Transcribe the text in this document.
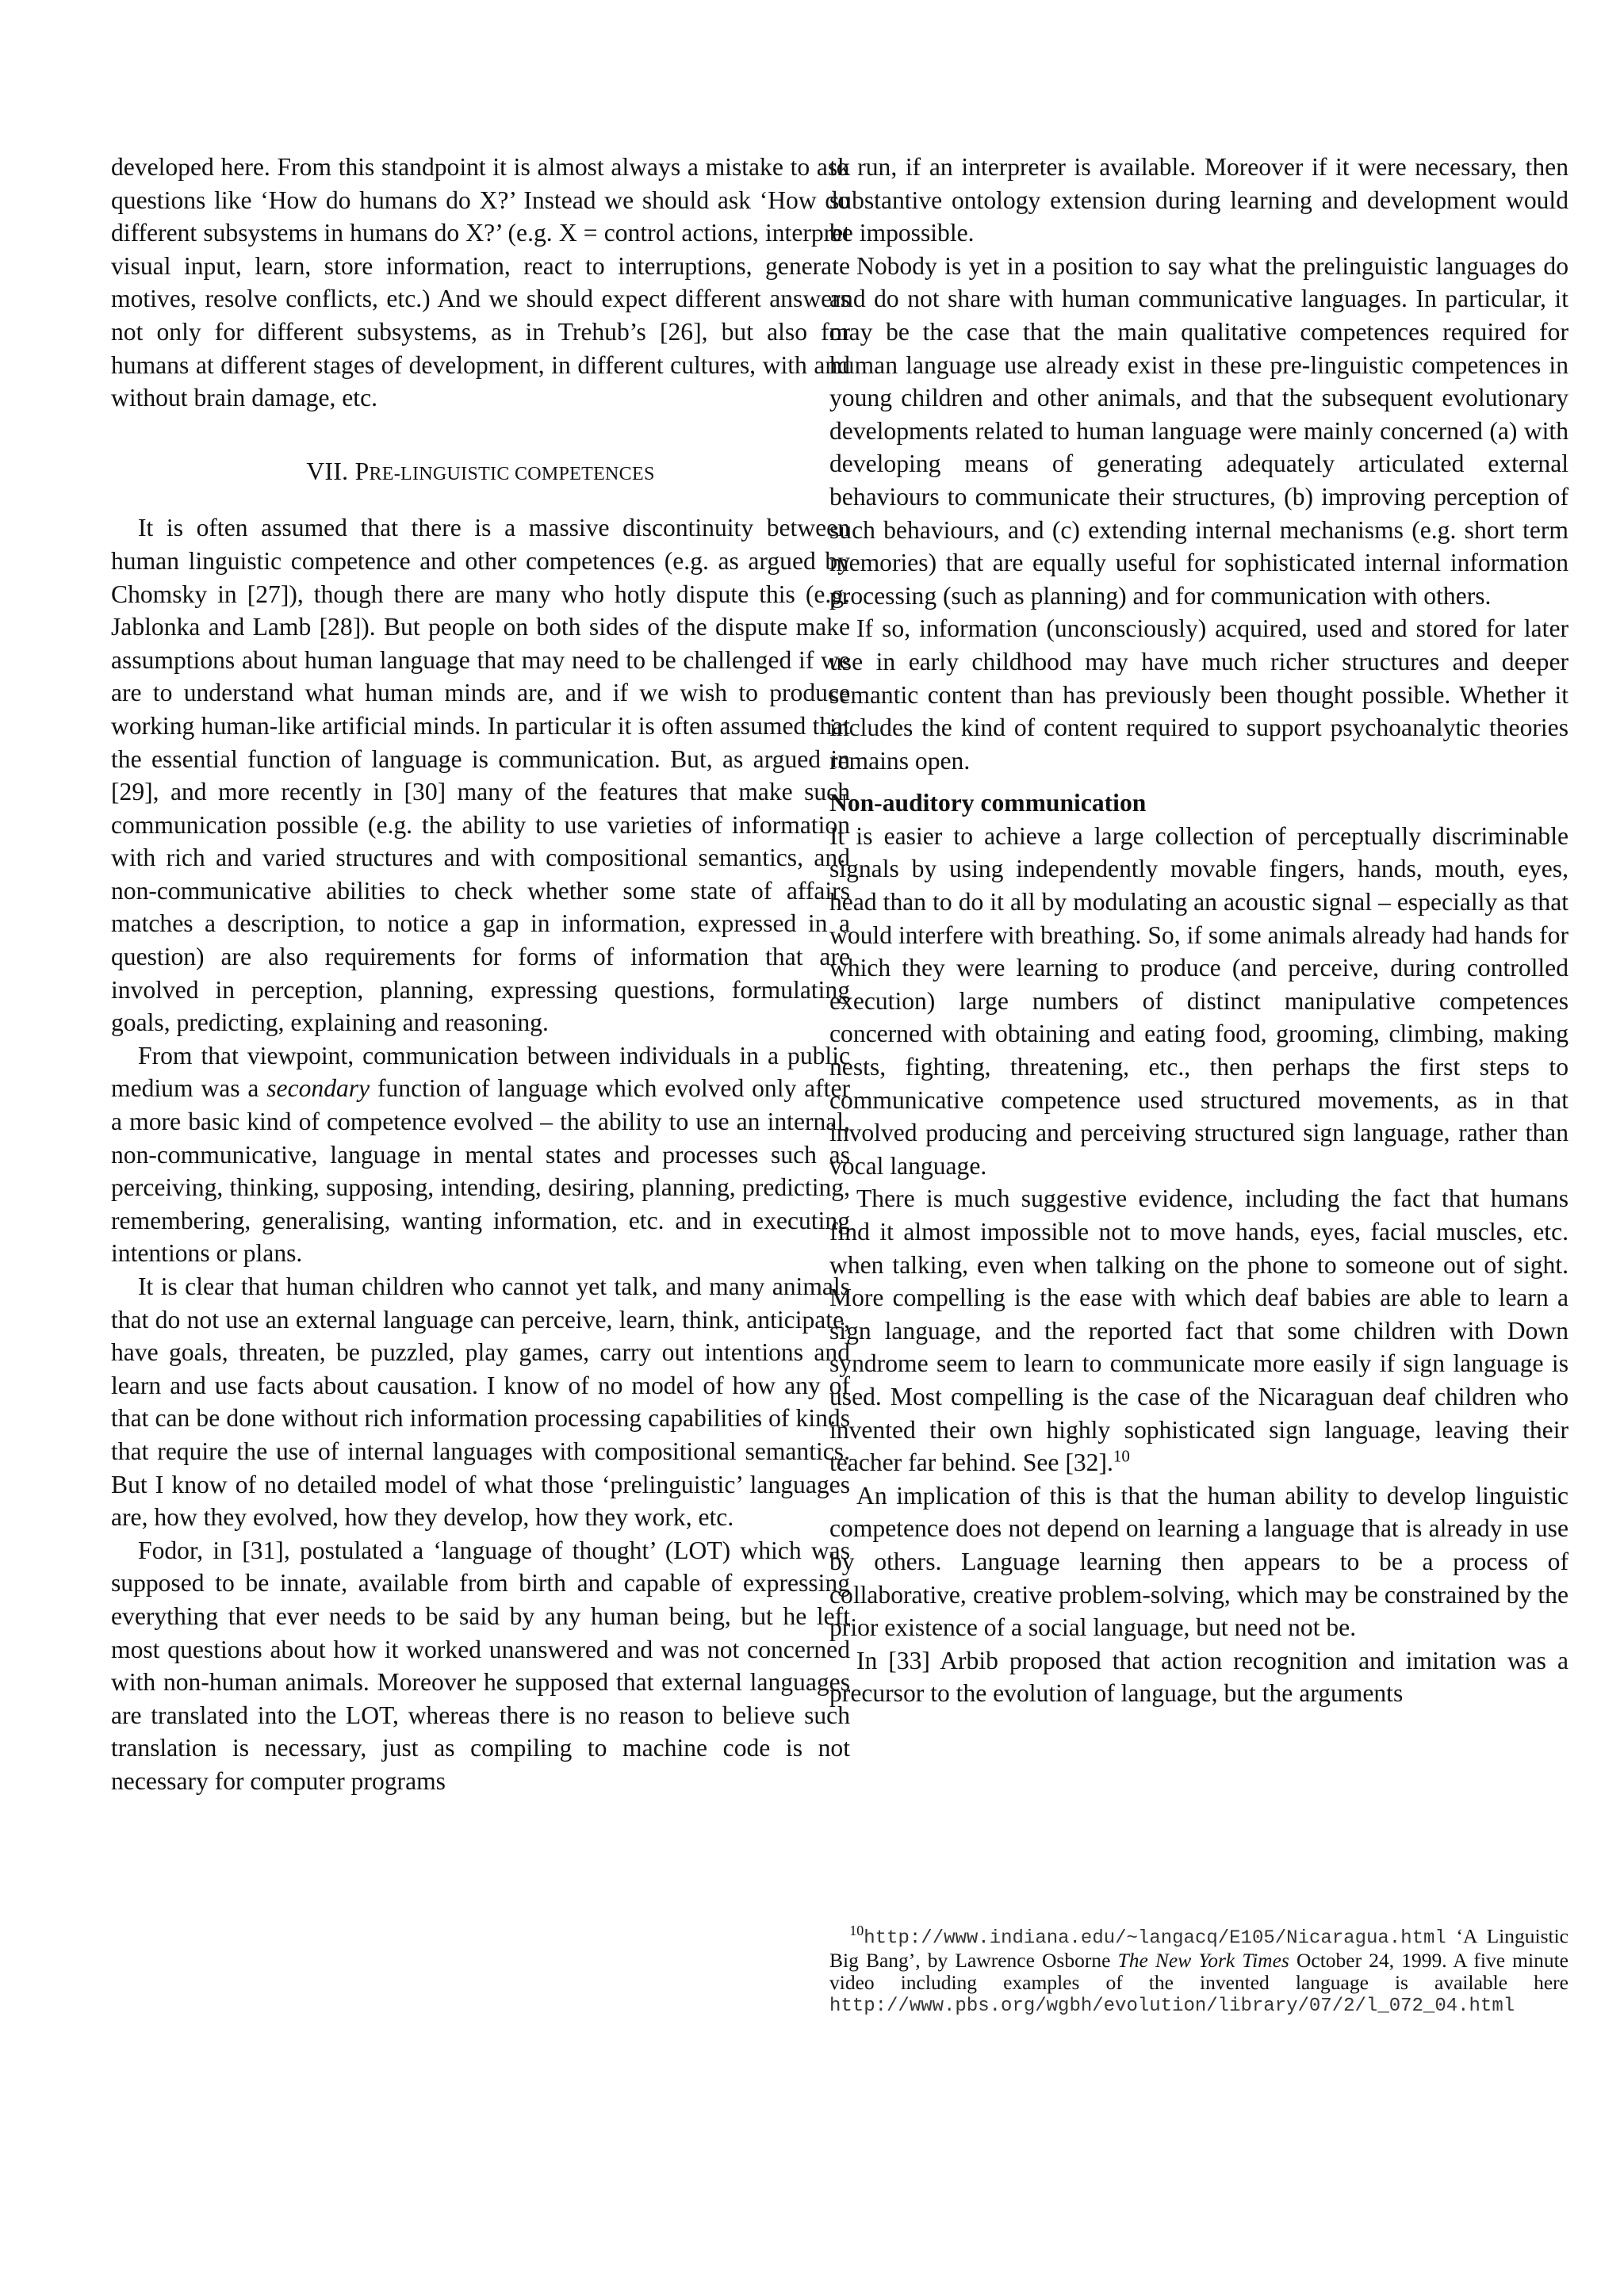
developed here. From this standpoint it is almost always a mistake to ask questions like ‘How do humans do X?’ Instead we should ask ‘How do different subsystems in humans do X?’ (e.g. X = control actions, interpret visual input, learn, store information, react to interruptions, generate motives, resolve conflicts, etc.) And we should expect different answers not only for different subsystems, as in Trehub’s [26], but also for humans at different stages of development, in different cultures, with and without brain damage, etc.

VII. PRE-LINGUISTIC COMPETENCES

It is often assumed that there is a massive discontinuity between human linguistic competence and other competences (e.g. as argued by Chomsky in [27]), though there are many who hotly dispute this (e.g. Jablonka and Lamb [28]). But people on both sides of the dispute make assumptions about human language that may need to be challenged if we are to understand what human minds are, and if we wish to produce working human-like artificial minds. In particular it is often assumed that the essential function of language is communication. But, as argued in [29], and more recently in [30] many of the features that make such communication possible (e.g. the ability to use varieties of information with rich and varied structures and with compositional semantics, and non-communicative abilities to check whether some state of affairs matches a description, to notice a gap in information, expressed in a question) are also requirements for forms of information that are involved in perception, planning, expressing questions, formulating goals, predicting, explaining and reasoning.

From that viewpoint, communication between individuals in a public medium was a secondary function of language which evolved only after a more basic kind of competence evolved – the ability to use an internal, non-communicative, language in mental states and processes such as perceiving, thinking, supposing, intending, desiring, planning, predicting, remembering, generalising, wanting information, etc. and in executing intentions or plans.

It is clear that human children who cannot yet talk, and many animals that do not use an external language can perceive, learn, think, anticipate, have goals, threaten, be puzzled, play games, carry out intentions and learn and use facts about causation. I know of no model of how any of that can be done without rich information processing capabilities of kinds that require the use of internal languages with compositional semantics. But I know of no detailed model of what those ‘prelinguistic’ languages are, how they evolved, how they develop, how they work, etc.

Fodor, in [31], postulated a ‘language of thought’ (LOT) which was supposed to be innate, available from birth and capable of expressing everything that ever needs to be said by any human being, but he left most questions about how it worked unanswered and was not concerned with non-human animals. Moreover he supposed that external languages are translated into the LOT, whereas there is no reason to believe such translation is necessary, just as compiling to machine code is not necessary for computer programs

to run, if an interpreter is available. Moreover if it were necessary, then substantive ontology extension during learning and development would be impossible.

Nobody is yet in a position to say what the prelinguistic languages do and do not share with human communicative languages. In particular, it may be the case that the main qualitative competences required for human language use already exist in these pre-linguistic competences in young children and other animals, and that the subsequent evolutionary developments related to human language were mainly concerned (a) with developing means of generating adequately articulated external behaviours to communicate their structures, (b) improving perception of such behaviours, and (c) extending internal mechanisms (e.g. short term memories) that are equally useful for sophisticated internal information processing (such as planning) and for communication with others.

If so, information (unconsciously) acquired, used and stored for later use in early childhood may have much richer structures and deeper semantic content than has previously been thought possible. Whether it includes the kind of content required to support psychoanalytic theories remains open.

Non-auditory communication

It is easier to achieve a large collection of perceptually discriminable signals by using independently movable fingers, hands, mouth, eyes, head than to do it all by modulating an acoustic signal – especially as that would interfere with breathing. So, if some animals already had hands for which they were learning to produce (and perceive, during controlled execution) large numbers of distinct manipulative competences concerned with obtaining and eating food, grooming, climbing, making nests, fighting, threatening, etc., then perhaps the first steps to communicative competence used structured movements, as in that involved producing and perceiving structured sign language, rather than vocal language.

There is much suggestive evidence, including the fact that humans find it almost impossible not to move hands, eyes, facial muscles, etc. when talking, even when talking on the phone to someone out of sight. More compelling is the ease with which deaf babies are able to learn a sign language, and the reported fact that some children with Down syndrome seem to learn to communicate more easily if sign language is used. Most compelling is the case of the Nicaraguan deaf children who invented their own highly sophisticated sign language, leaving their teacher far behind. See [32].$^{10}$

An implication of this is that the human ability to develop linguistic competence does not depend on learning a language that is already in use by others. Language learning then appears to be a process of collaborative, creative problem-solving, which may be constrained by the prior existence of a social language, but need not be.

In [33] Arbib proposed that action recognition and imitation was a precursor to the evolution of language, but the arguments

$^{10}$http://www.indiana.edu/~langacq/E105/Nicaragua.html ‘A Linguistic Big Bang’, by Lawrence Osborne The New York Times October 24, 1999. A five minute video including examples of the invented language is available here http://www.pbs.org/wgbh/evolution/library/07/2/l_072_04.html
